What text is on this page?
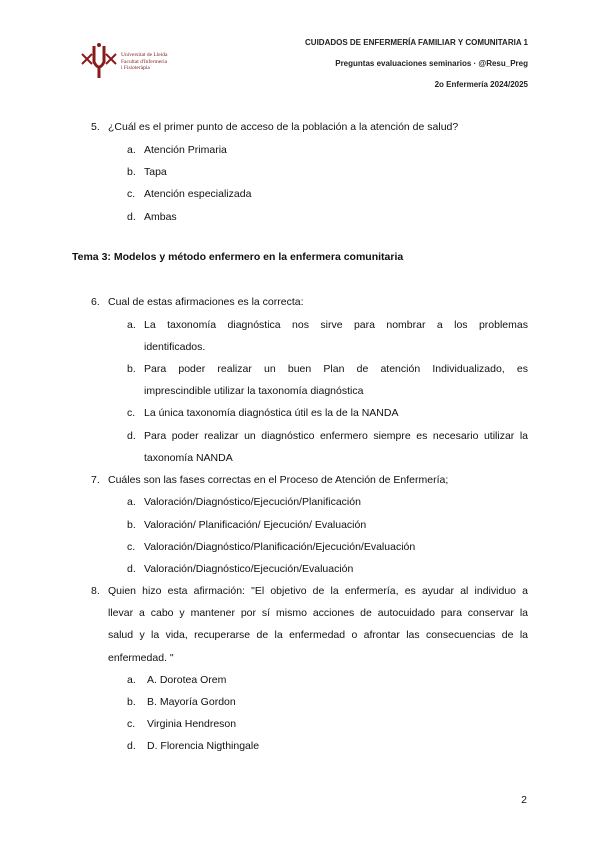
Universitat de Lleida
Facultat d'Infermeria
i Fisioteràpia
CUIDADOS DE ENFERMERÍA FAMILIAR Y COMUNITARIA 1
Preguntas evaluaciones seminarios · @Resu_Preg
2o Enfermería 2024/2025
5. ¿Cuál es el primer punto de acceso de la población a la atención de salud?
a. Atención Primaria
b. Tapa
c. Atención especializada
d. Ambas
Tema 3: Modelos y método enfermero en la enfermera comunitaria
6. Cual de estas afirmaciones es la correcta:
a. La taxonomía diagnóstica nos sirve para nombrar a los problemas
identificados.
b. Para poder realizar un buen Plan de atención Individualizado, es
imprescindible utilizar la taxonomía diagnóstica
c. La única taxonomía diagnóstica útil es la de la NANDA
d. Para poder realizar un diagnóstico enfermero siempre es necesario utilizar la
taxonomía NANDA
7. Cuáles son las fases correctas en el Proceso de Atención de Enfermería;
a. Valoración/Diagnóstico/Ejecución/Planificación
b. Valoración/ Planificación/ Ejecución/ Evaluación
c. Valoración/Diagnóstico/Planificación/Ejecución/Evaluación
d. Valoración/Diagnóstico/Ejecución/Evaluación
8. Quien hizo esta afirmación: "El objetivo de la enfermería, es ayudar al individuo a
llevar a cabo y mantener por sí mismo acciones de autocuidado para conservar la
salud y la vida, recuperarse de la enfermedad o afrontar las consecuencias de la
enfermedad. "
a.	A. Dorotea Orem
b.	B. Mayoría Gordon
c.	Virginia Hendreson
d.	D. Florencia Nigthingale
2
